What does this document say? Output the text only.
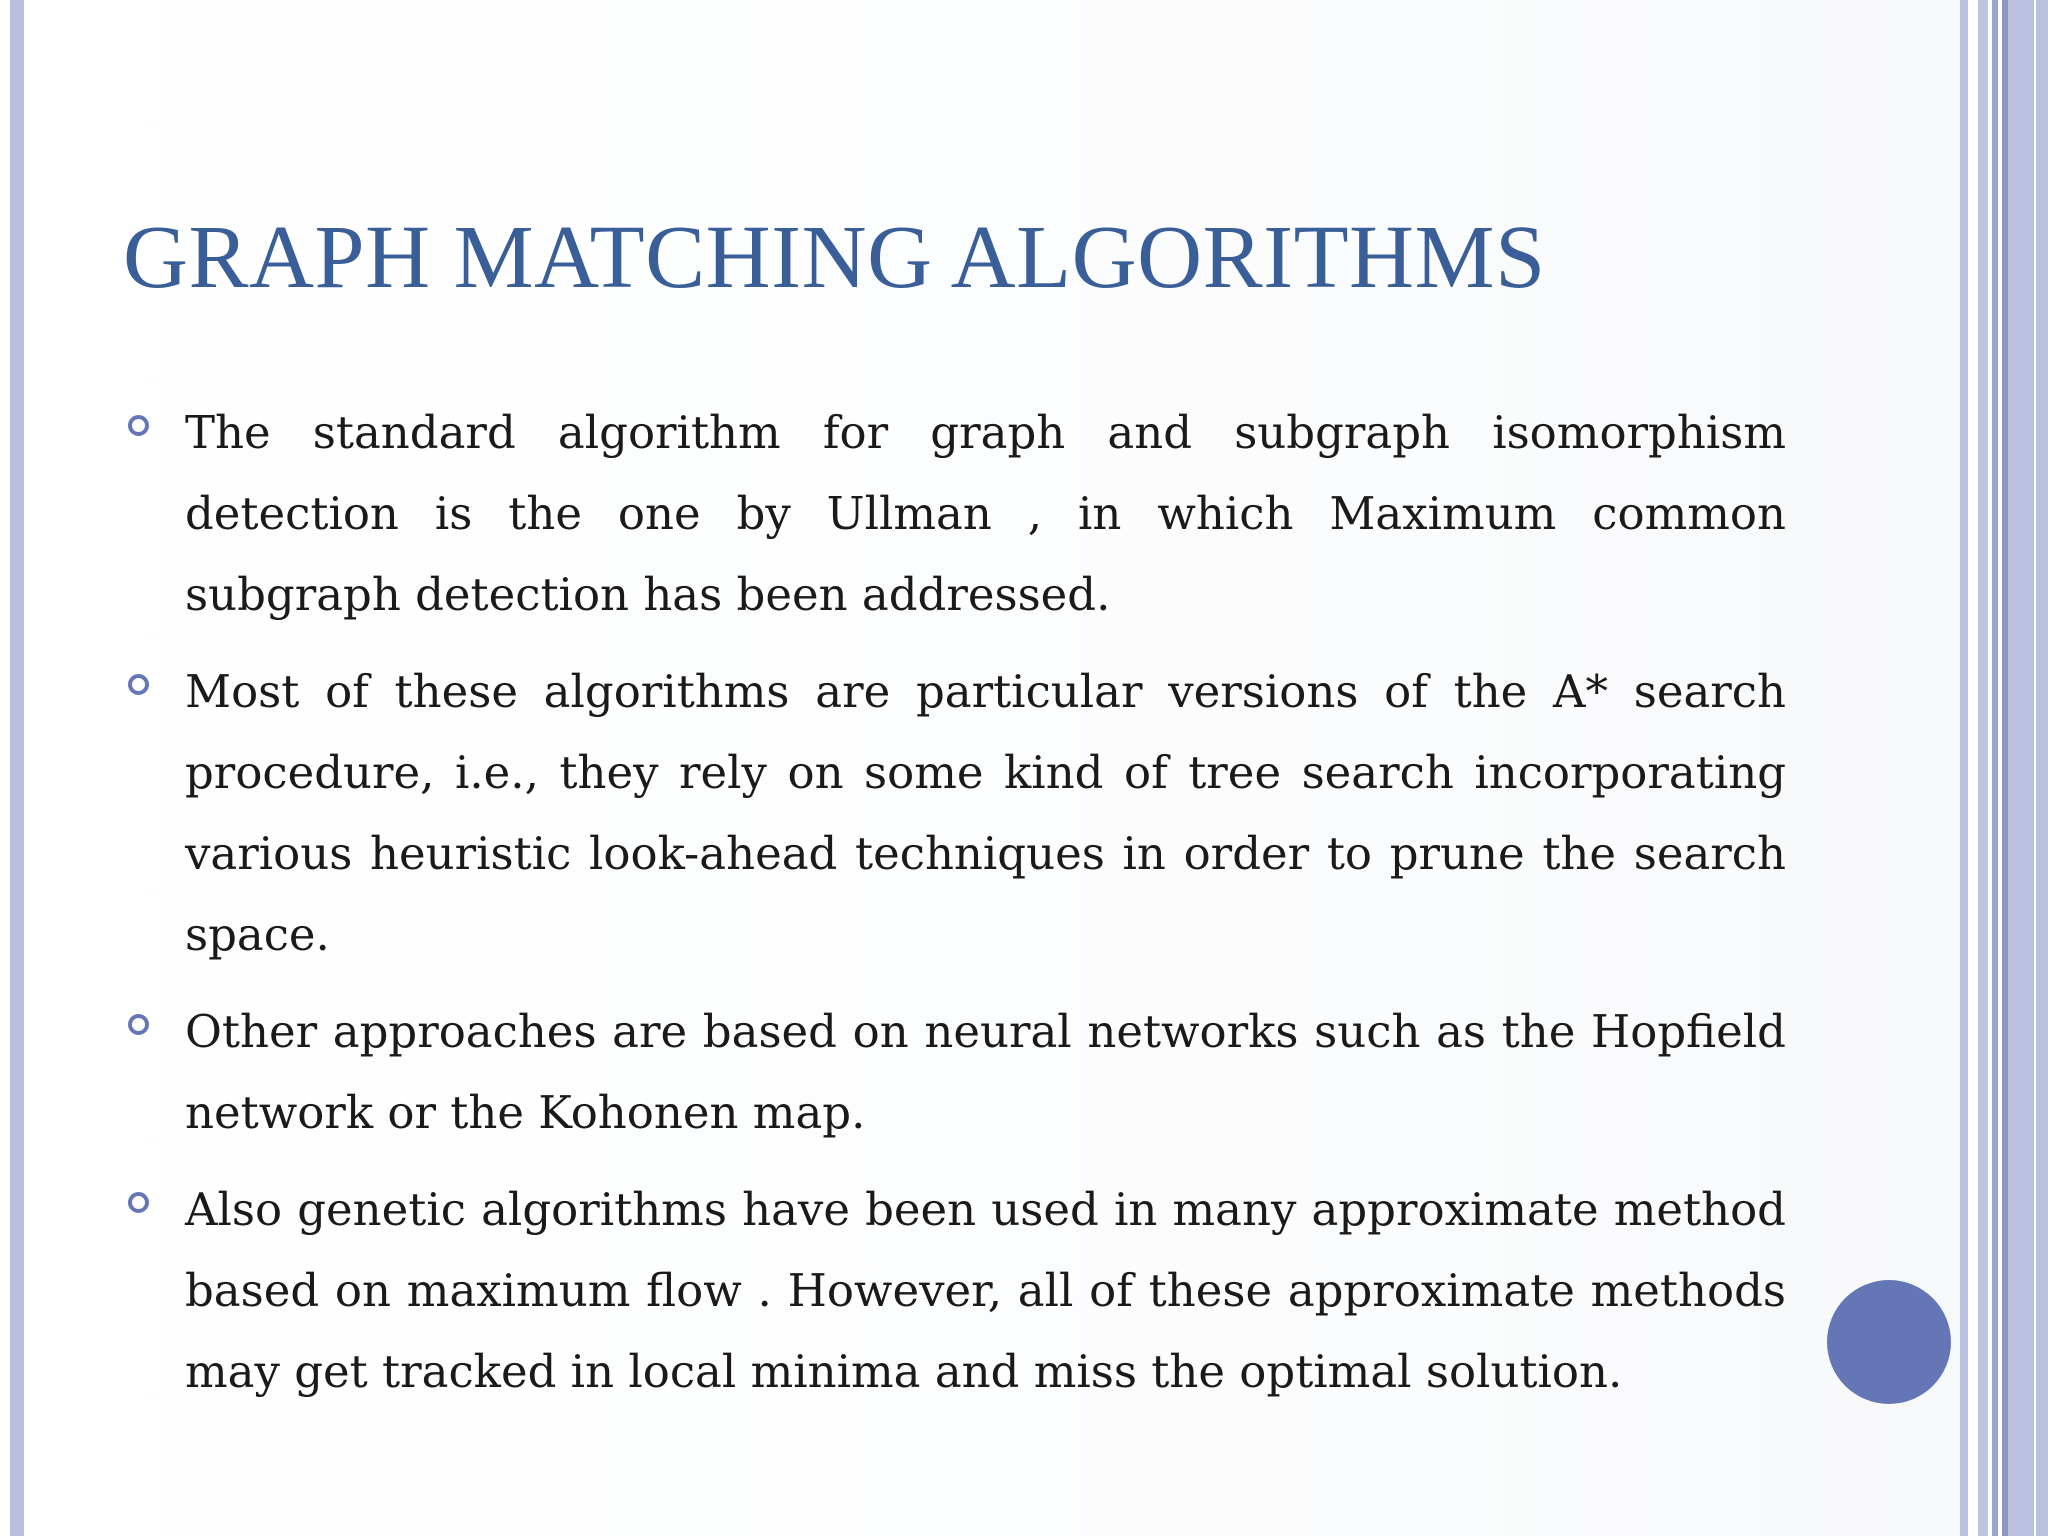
GRAPH MATCHING ALGORITHMS
The standard algorithm for graph and subgraph isomorphism detection is the one by Ullman , in which Maximum common subgraph detection has been addressed.
Most of these algorithms are particular versions of the A* search procedure, i.e., they rely on some kind of tree search incorporating various heuristic look-ahead techniques in order to prune the search space.
Other approaches are based on neural networks such as the Hopfield network or the Kohonen map.
Also genetic algorithms have been used in many approximate method based on maximum flow . However, all of these approximate methods may get tracked in local minima and miss the optimal solution.
